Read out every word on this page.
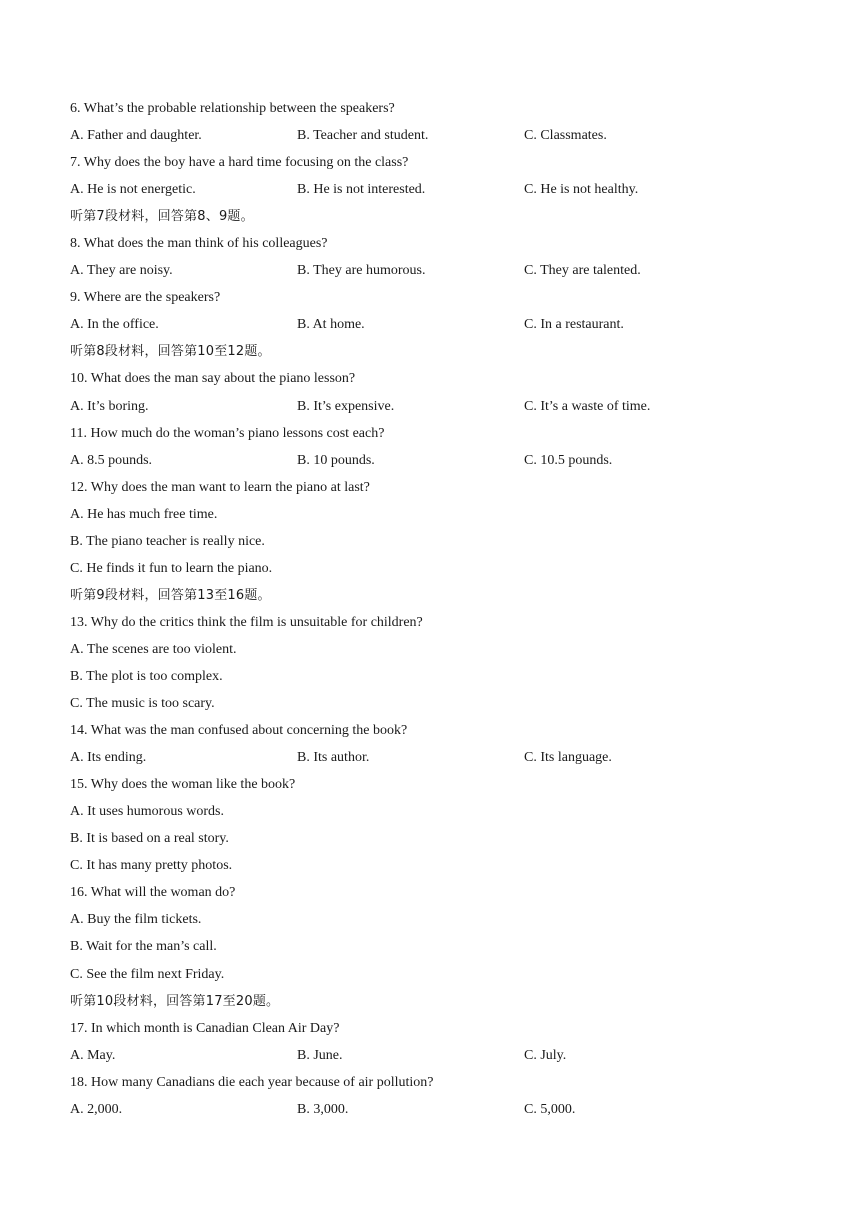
6. What’s the probable relationship between the speakers?
A. Father and daughter.	B. Teacher and student.	C. Classmates.
7. Why does the boy have a hard time focusing on the class?
A. He is not energetic.	B. He is not interested.	C. He is not healthy.
听第7段材料，回答第8、9题。
8. What does the man think of his colleagues?
A. They are noisy.	B. They are humorous.	C. They are talented.
9. Where are the speakers?
A. In the office.	B. At home.	C. In a restaurant.
听第8段材料，回答第10至12题。
10. What does the man say about the piano lesson?
A. It’s boring.	B. It’s expensive.	C. It’s a waste of time.
11. How much do the woman’s piano lessons cost each?
A. 8.5 pounds.	B. 10 pounds.	C. 10.5 pounds.
12. Why does the man want to learn the piano at last?
A. He has much free time.
B. The piano teacher is really nice.
C. He finds it fun to learn the piano.
听第9段材料，回答第13至16题。
13. Why do the critics think the film is unsuitable for children?
A. The scenes are too violent.
B. The plot is too complex.
C. The music is too scary.
14. What was the man confused about concerning the book?
A. Its ending.	B. Its author.	C. Its language.
15. Why does the woman like the book?
A. It uses humorous words.
B. It is based on a real story.
C. It has many pretty photos.
16. What will the woman do?
A. Buy the film tickets.
B. Wait for the man’s call.
C. See the film next Friday.
听第10段材料，回答第17至20题。
17. In which month is Canadian Clean Air Day?
A. May.	B. June.	C. July.
18. How many Canadians die each year because of air pollution?
A. 2,000.	B. 3,000.	C. 5,000.
